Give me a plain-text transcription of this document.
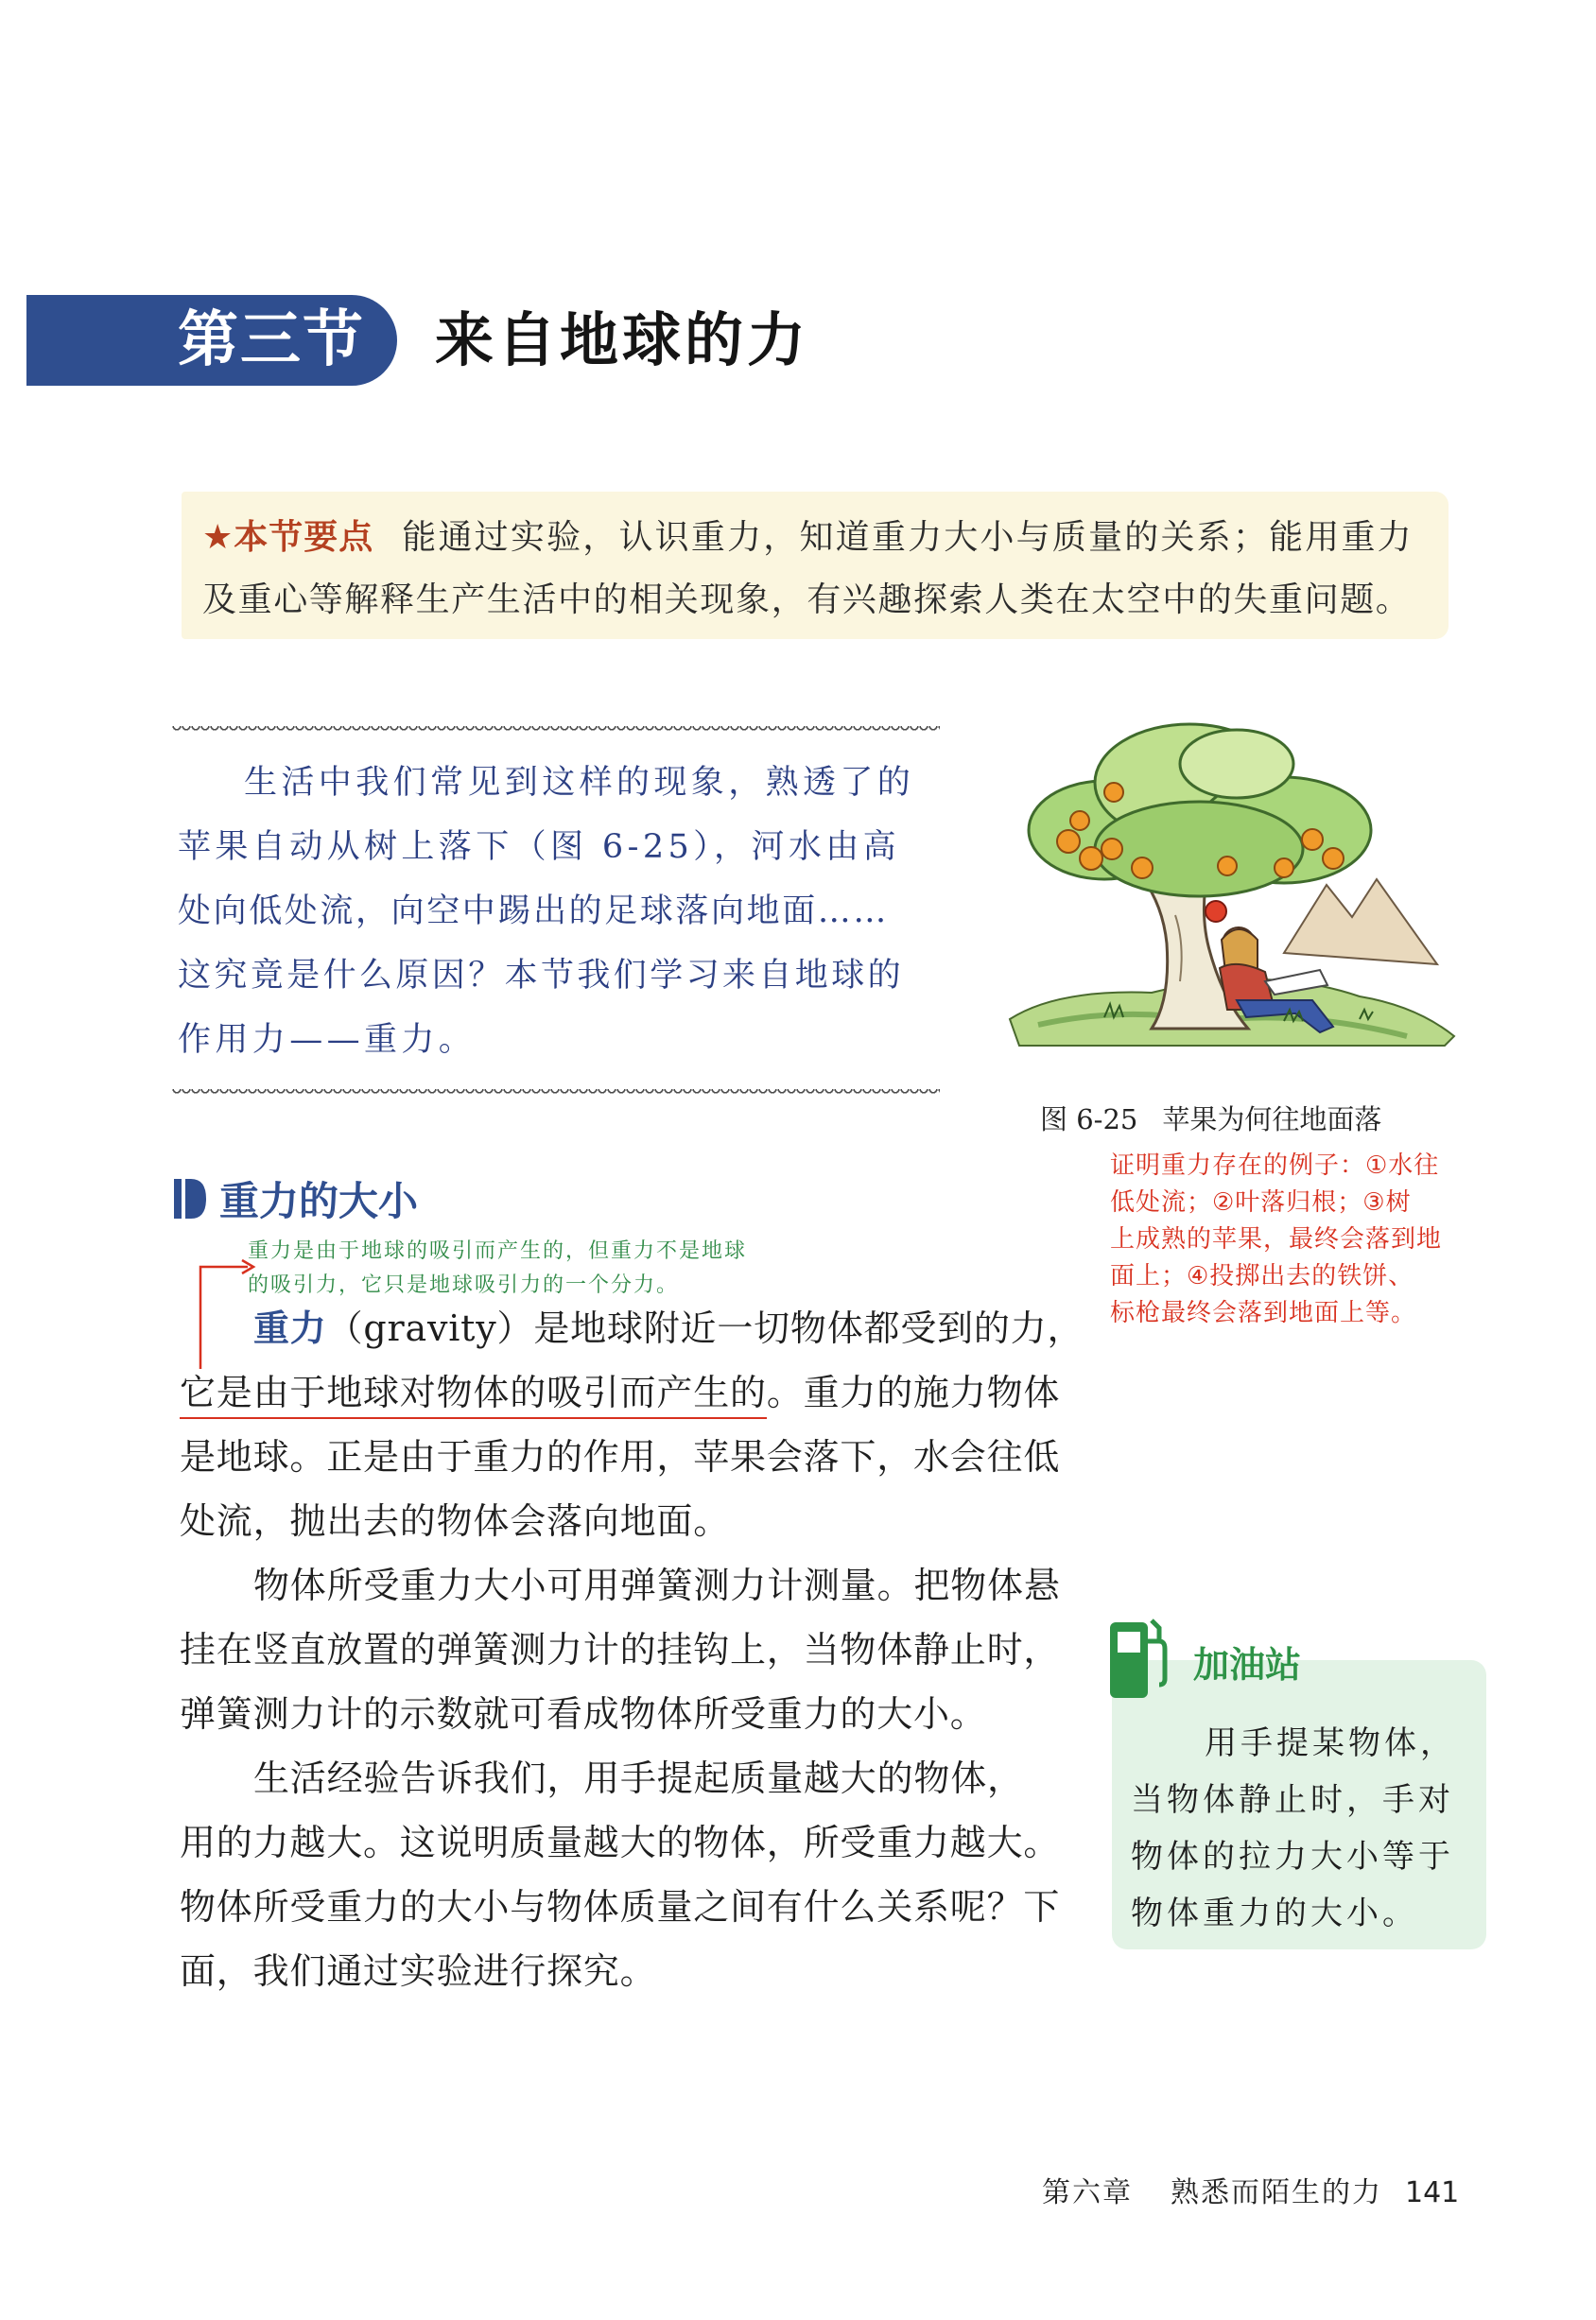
第三节 来自地球的力
★本节要点 能通过实验，认识重力，知道重力大小与质量的关系；能用重力
及重心等解释生产生活中的相关现象，有兴趣探索人类在太空中的失重问题。
生活中我们常见到这样的现象，熟透了的
苹果自动从树上落下（图 6-25），河水由高
处向低处流，向空中踢出的足球落向地面……
这究竟是什么原因？本节我们学习来自地球的
作用力——重力。
图 6-25 苹果为何往地面落
证明重力存在的例子：①水往
低处流；②叶落归根；③树
上成熟的苹果，最终会落到地
面上；④投掷出去的铁饼、
标枪最终会落到地面上等。
重力的大小
重力是由于地球的吸引而产生的，但重力不是地球
的吸引力，它只是地球吸引力的一个分力。
重力（gravity）是地球附近一切物体都受到的力，
它是由于地球对物体的吸引而产生的。重力的施力物体
是地球。正是由于重力的作用，苹果会落下，水会往低
处流，抛出去的物体会落向地面。
物体所受重力大小可用弹簧测力计测量。把物体悬
挂在竖直放置的弹簧测力计的挂钩上，当物体静止时，
弹簧测力计的示数就可看成物体所受重力的大小。
生活经验告诉我们，用手提起质量越大的物体，
用的力越大。这说明质量越大的物体，所受重力越大。
物体所受重力的大小与物体质量之间有什么关系呢？下
面，我们通过实验进行探究。
加油站
用手提某物体，
当物体静止时，手对
物体的拉力大小等于
物体重力的大小。
第六章 熟悉而陌生的力 141
